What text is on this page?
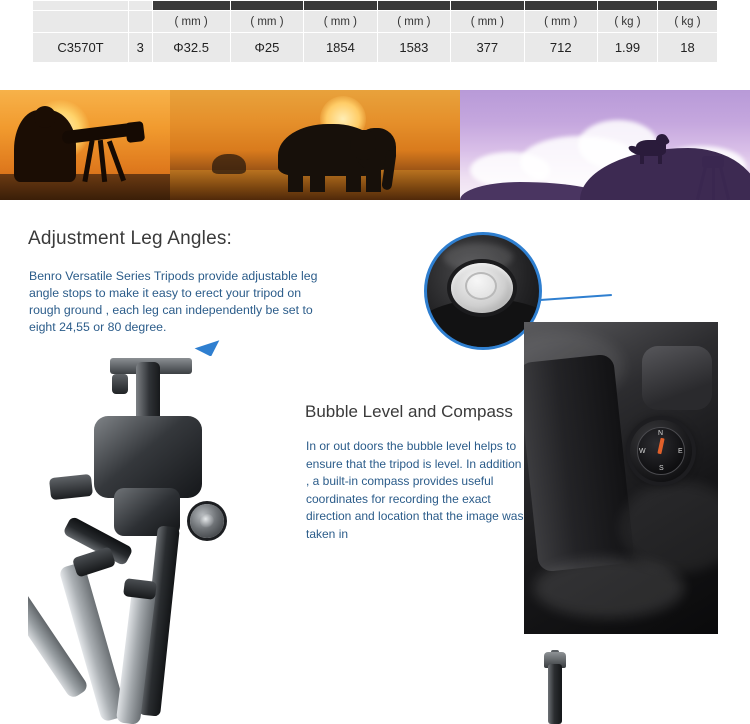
		( mm )	( mm )	( mm )	( mm )	( mm )	( mm )	( kg )	( kg )
C3570T	3	Φ32.5	Φ25	1854	1583	377	712	1.99	18
Adjustment Leg Angles:
Benro Versatile Series Tripods provide adjustable leg angle stops to make it easy to erect your tripod on rough ground , each leg can independently be set to eight 24,55 or 80 degree.
Bubble Level and Compass
In or out doors the bubble level helps to ensure that the tripod is level. In addition , a built-in compass provides useful coordinates for recording the exact direction and location that the image was taken in
N
E
S
W
